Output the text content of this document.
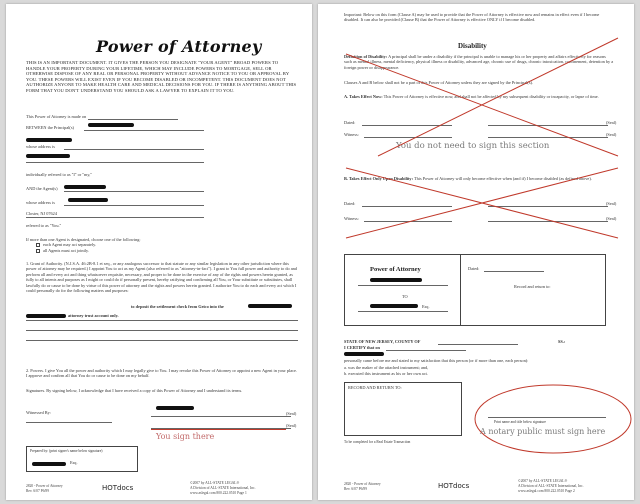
Power of Attorney
THIS IS AN IMPORTANT DOCUMENT. IT GIVES THE PERSON YOU DESIGNATE "YOUR AGENT" BROAD POWERS TO HANDLE YOUR PROPERTY DURING YOUR LIFETIME, WHICH MAY INCLUDE POWERS TO MORTGAGE, SELL OR OTHERWISE DISPOSE OF ANY REAL OR PERSONAL PROPERTY WITHOUT ADVANCE NOTICE TO YOU OR APPROVAL BY YOU. THESE POWERS WILL EXIST EVEN IF YOU BECOME DISABLED OR INCOMPETENT. THIS DOCUMENT DOES NOT AUTHORIZE ANYONE TO MAKE HEALTH CARE AND MEDICAL DECISIONS FOR YOU. IF THERE IS ANYTHING ABOUT THIS FORM THAT YOU DON'T UNDERSTAND YOU SHOULD ASK A LAWYER TO EXPLAIN IT TO YOU.
This Power of Attorney is made on
BETWEEN the Principal(s)
whose address is
individually referred to as "I" or "my,"
AND the Agent(s)
whose address is
Closter, NJ 07624
referred to as "You."
If more than one Agent is designated, choose one of the following:
each Agent may act separately.
all Agents must act jointly.
1. Grant of Authority. (N.J.S.A. 46:2B-8.1 et seq., or any analogous successor to that statute or any similar legislation in any other jurisdiction where this power of attorney may be required.) I appoint You to act as my Agent (also referred to as "attorney-in-fact"). I grant to You full power and authority to do and perform all and every act and thing whatsoever requisite, necessary, and proper to be done in the exercise of any of the rights and powers herein granted, as fully to all intents and purposes as I might or could do if personally present, hereby ratifying and confirming all You, or Your substitute or substitutes, shall lawfully do or cause to be done by virtue of this power of attorney and the rights and powers herein granted. I authorize You to do each and every act which I could personally do for the following matters and purposes:
to deposit the settlement check from Geico into the
attorney trust account only.
2. Powers. I give You all the power and authority which I may legally give to You. I may revoke this Power of Attorney or appoint a new Agent in your place. I approve and confirm all that You do or cause to be done on my behalf.
Signatures. By signing below, I acknowledge that I have received a copy of this Power of Attorney and I understand its terms.
Witnessed By:	(Seal)
(Seal)
You sign there
Prepared by: (print signer's name below signature)
Esq.
2820 - Power of Attorney
Rev. 6/07 P6/89	HOTdocs
©2007 by ALL-STATE LEGAL®
A Division of ALL-STATE International, Inc.
www.aslegal.com 800.222.0510 Page 1
Important: Below on this form (Clause A) may be used to provide that the Power of Attorney is effective now and remains in effect even if I become disabled. It can also be provided (Clause B) that the Power of Attorney is effective ONLY if I become disabled.
Disability
Definition of Disability: A principal shall be under a disability if the principal is unable to manage his or her property and affairs effectively for reasons such as mental illness, mental deficiency, physical illness or disability, advanced age, chronic use of drugs, chronic intoxication, confinement, detention by a foreign power or disappearance.
Clauses A and B below shall not be a part of this Power of Attorney unless they are signed by the Principal(s).
A. Takes Effect Now: This Power of Attorney is effective now, and shall not be affected by my subsequent disability or incapacity, or lapse of time.
Dated:	(Seal)
Witness:	(Seal)
You do not need to sign this section
B. Takes Effect Only Upon Disability: This Power of Attorney will only become effective when (and if) I become disabled (as defined above).
Dated:	(Seal)
Witness:	(Seal)
Power of Attorney
TO
Esq.
Dated:
Record and return to:
STATE OF NEW JERSEY, COUNTY OF	SS.:
I CERTIFY that on
personally came before me and stated to my satisfaction that this person (or if more than one, each person):
a. was the maker of the attached instrument; and,
b. executed this instrument as his or her own act.
RECORD AND RETURN TO:
Print name and title below signature
A notary public must sign here
To be completed for a Real Estate Transaction
2820 - Power of Attorney
Rev. 6/07 P6/89	HOTdocs
©2007 by ALL-STATE LEGAL®
A Division of ALL-STATE International, Inc.
www.aslegal.com 800.222.0510 Page 2
